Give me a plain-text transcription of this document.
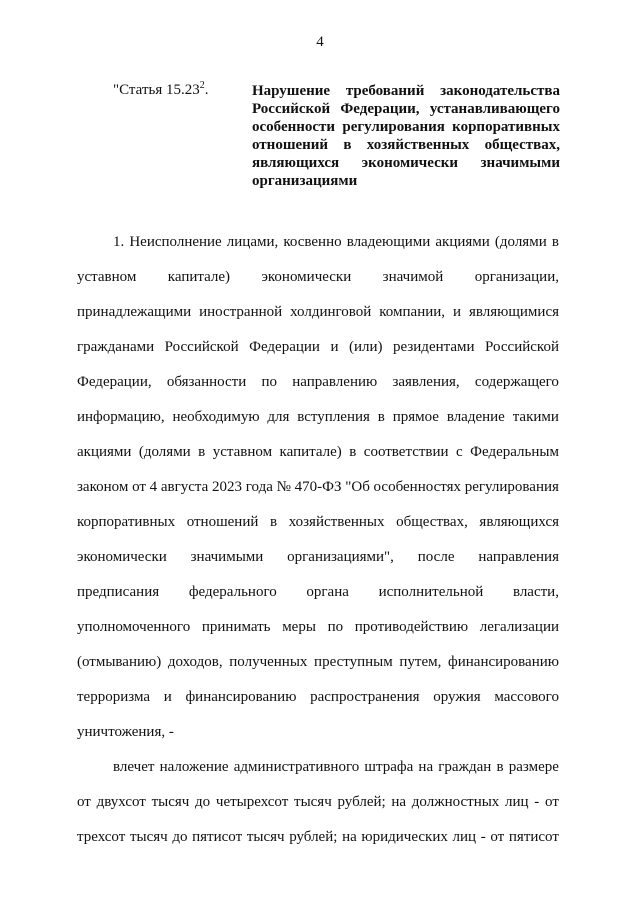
4
"Статья 15.23$^2$.	Нарушение требований законодательства
Российской Федерации, устанавливающего
особенности регулирования корпоративных
отношений в хозяйственных обществах,
являющихся экономически значимыми
организациями
1. Неисполнение лицами, косвенно владеющими акциями (долями в
уставном капитале) экономически значимой организации,
принадлежащими иностранной холдинговой компании, и являющимися
гражданами Российской Федерации и (или) резидентами Российской
Федерации, обязанности по направлению заявления, содержащего
информацию, необходимую для вступления в прямое владение такими
акциями (долями в уставном капитале) в соответствии с Федеральным
законом от 4 августа 2023 года № 470-ФЗ "Об особенностях регулирования
корпоративных отношений в хозяйственных обществах, являющихся
экономически значимыми организациями", после направления
предписания федерального органа исполнительной власти,
уполномоченного принимать меры по противодействию легализации
(отмыванию) доходов, полученных преступным путем, финансированию
терроризма и финансированию распространения оружия массового
уничтожения,
-
влечет наложение административного штрафа на граждан в размере
от двухсот тысяч до четырехсот тысяч рублей; на должностных лиц - от
трехсот тысяч до пятисот тысяч рублей; на юридических лиц - от пятисот
